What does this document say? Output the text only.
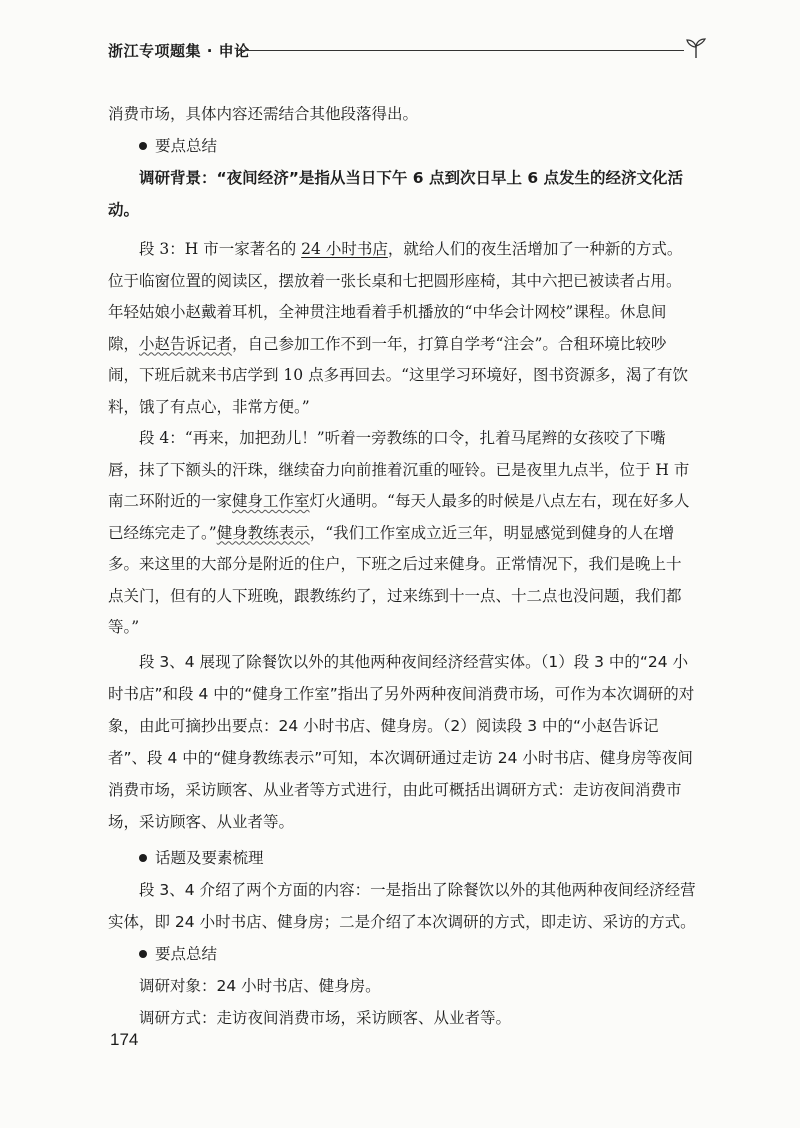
浙江专项题集 · 申论

消费市场，具体内容还需结合其他段落得出。

要点总结

调研背景：“夜间经济”是指从当日下午 6 点到次日早上 6 点发生的经济文化活动。

段 3：H 市一家著名的 24 小时书店，就给人们的夜生活增加了一种新的方式。位于临窗位置的阅读区，摆放着一张长桌和七把圆形座椅，其中六把已被读者占用。年轻姑娘小赵戴着耳机，全神贯注地看着手机播放的“中华会计网校”课程。休息间隙，小赵告诉记者，自己参加工作不到一年，打算自学考“注会”。合租环境比较吵闹，下班后就来书店学到 10 点多再回去。“这里学习环境好，图书资源多，渴了有饮料，饿了有点心，非常方便。”

段 4：“再来，加把劲儿！”听着一旁教练的口令，扎着马尾辫的女孩咬了下嘴唇，抹了下额头的汗珠，继续奋力向前推着沉重的哑铃。已是夜里九点半，位于 H 市南二环附近的一家健身工作室灯火通明。“每天人最多的时候是八点左右，现在好多人已经练完走了。”健身教练表示，“我们工作室成立近三年，明显感觉到健身的人在增多。来这里的大部分是附近的住户，下班之后过来健身。正常情况下，我们是晚上十点关门，但有的人下班晚，跟教练约了，过来练到十一点、十二点也没问题，我们都等。”

段 3、4 展现了除餐饮以外的其他两种夜间经济经营实体。（1）段 3 中的“24 小时书店”和段 4 中的“健身工作室”指出了另外两种夜间消费市场，可作为本次调研的对象，由此可摘抄出要点：24 小时书店、健身房。（2）阅读段 3 中的“小赵告诉记者”、段 4 中的“健身教练表示”可知，本次调研通过走访 24 小时书店、健身房等夜间消费市场，采访顾客、从业者等方式进行，由此可概括出调研方式：走访夜间消费市场，采访顾客、从业者等。

话题及要素梳理

段 3、4 介绍了两个方面的内容：一是指出了除餐饮以外的其他两种夜间经济经营实体，即 24 小时书店、健身房；二是介绍了本次调研的方式，即走访、采访的方式。

要点总结

调研对象：24 小时书店、健身房。

调研方式：走访夜间消费市场，采访顾客、从业者等。

174
